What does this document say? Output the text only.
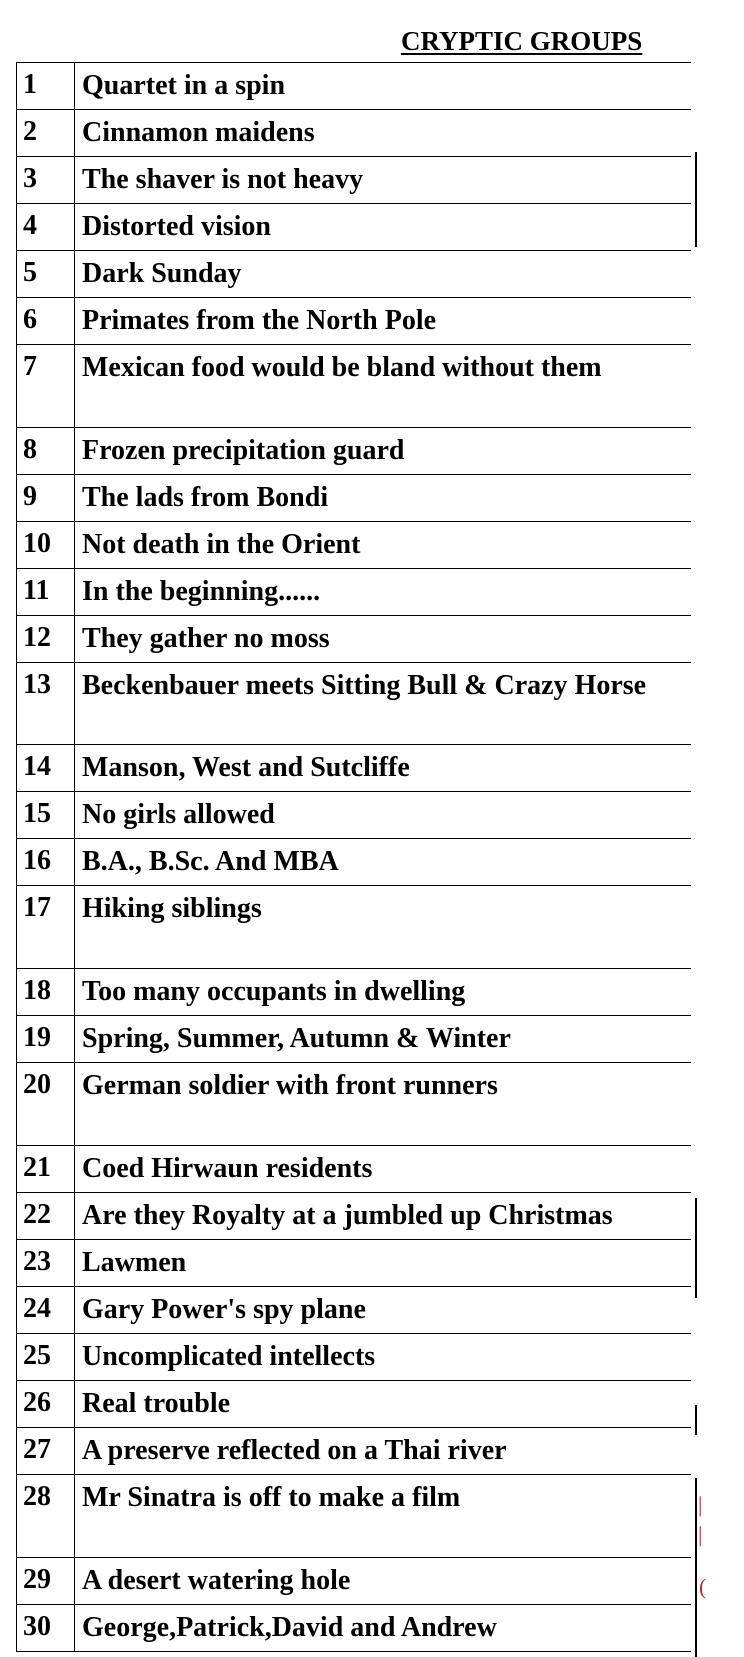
CRYPTIC GROUPS
1	Quartet in a spin
2	Cinnamon maidens
3	The shaver is not heavy
4	Distorted vision
5	Dark Sunday
6	Primates from the North Pole
7	Mexican food would be bland without them
8	Frozen precipitation guard
9	The lads from Bondi
10	Not death in the Orient
11	In the beginning......
12	They gather no moss
13	Beckenbauer meets Sitting Bull & Crazy Horse
14	Manson, West and Sutcliffe
15	No girls allowed
16	B.A., B.Sc. And MBA
17	Hiking siblings
18	Too many occupants in dwelling
19	Spring, Summer, Autumn & Winter
20	German soldier with front runners
21	Coed Hirwaun residents
22	Are they Royalty at a jumbled up Christmas
23	Lawmen
24	Gary Power's spy plane
25	Uncomplicated intellects
26	Real trouble
27	A preserve reflected on a Thai river
28	Mr Sinatra is off to make a film
29	A desert watering hole
30	George,Patrick,David and Andrew
|
|
(
